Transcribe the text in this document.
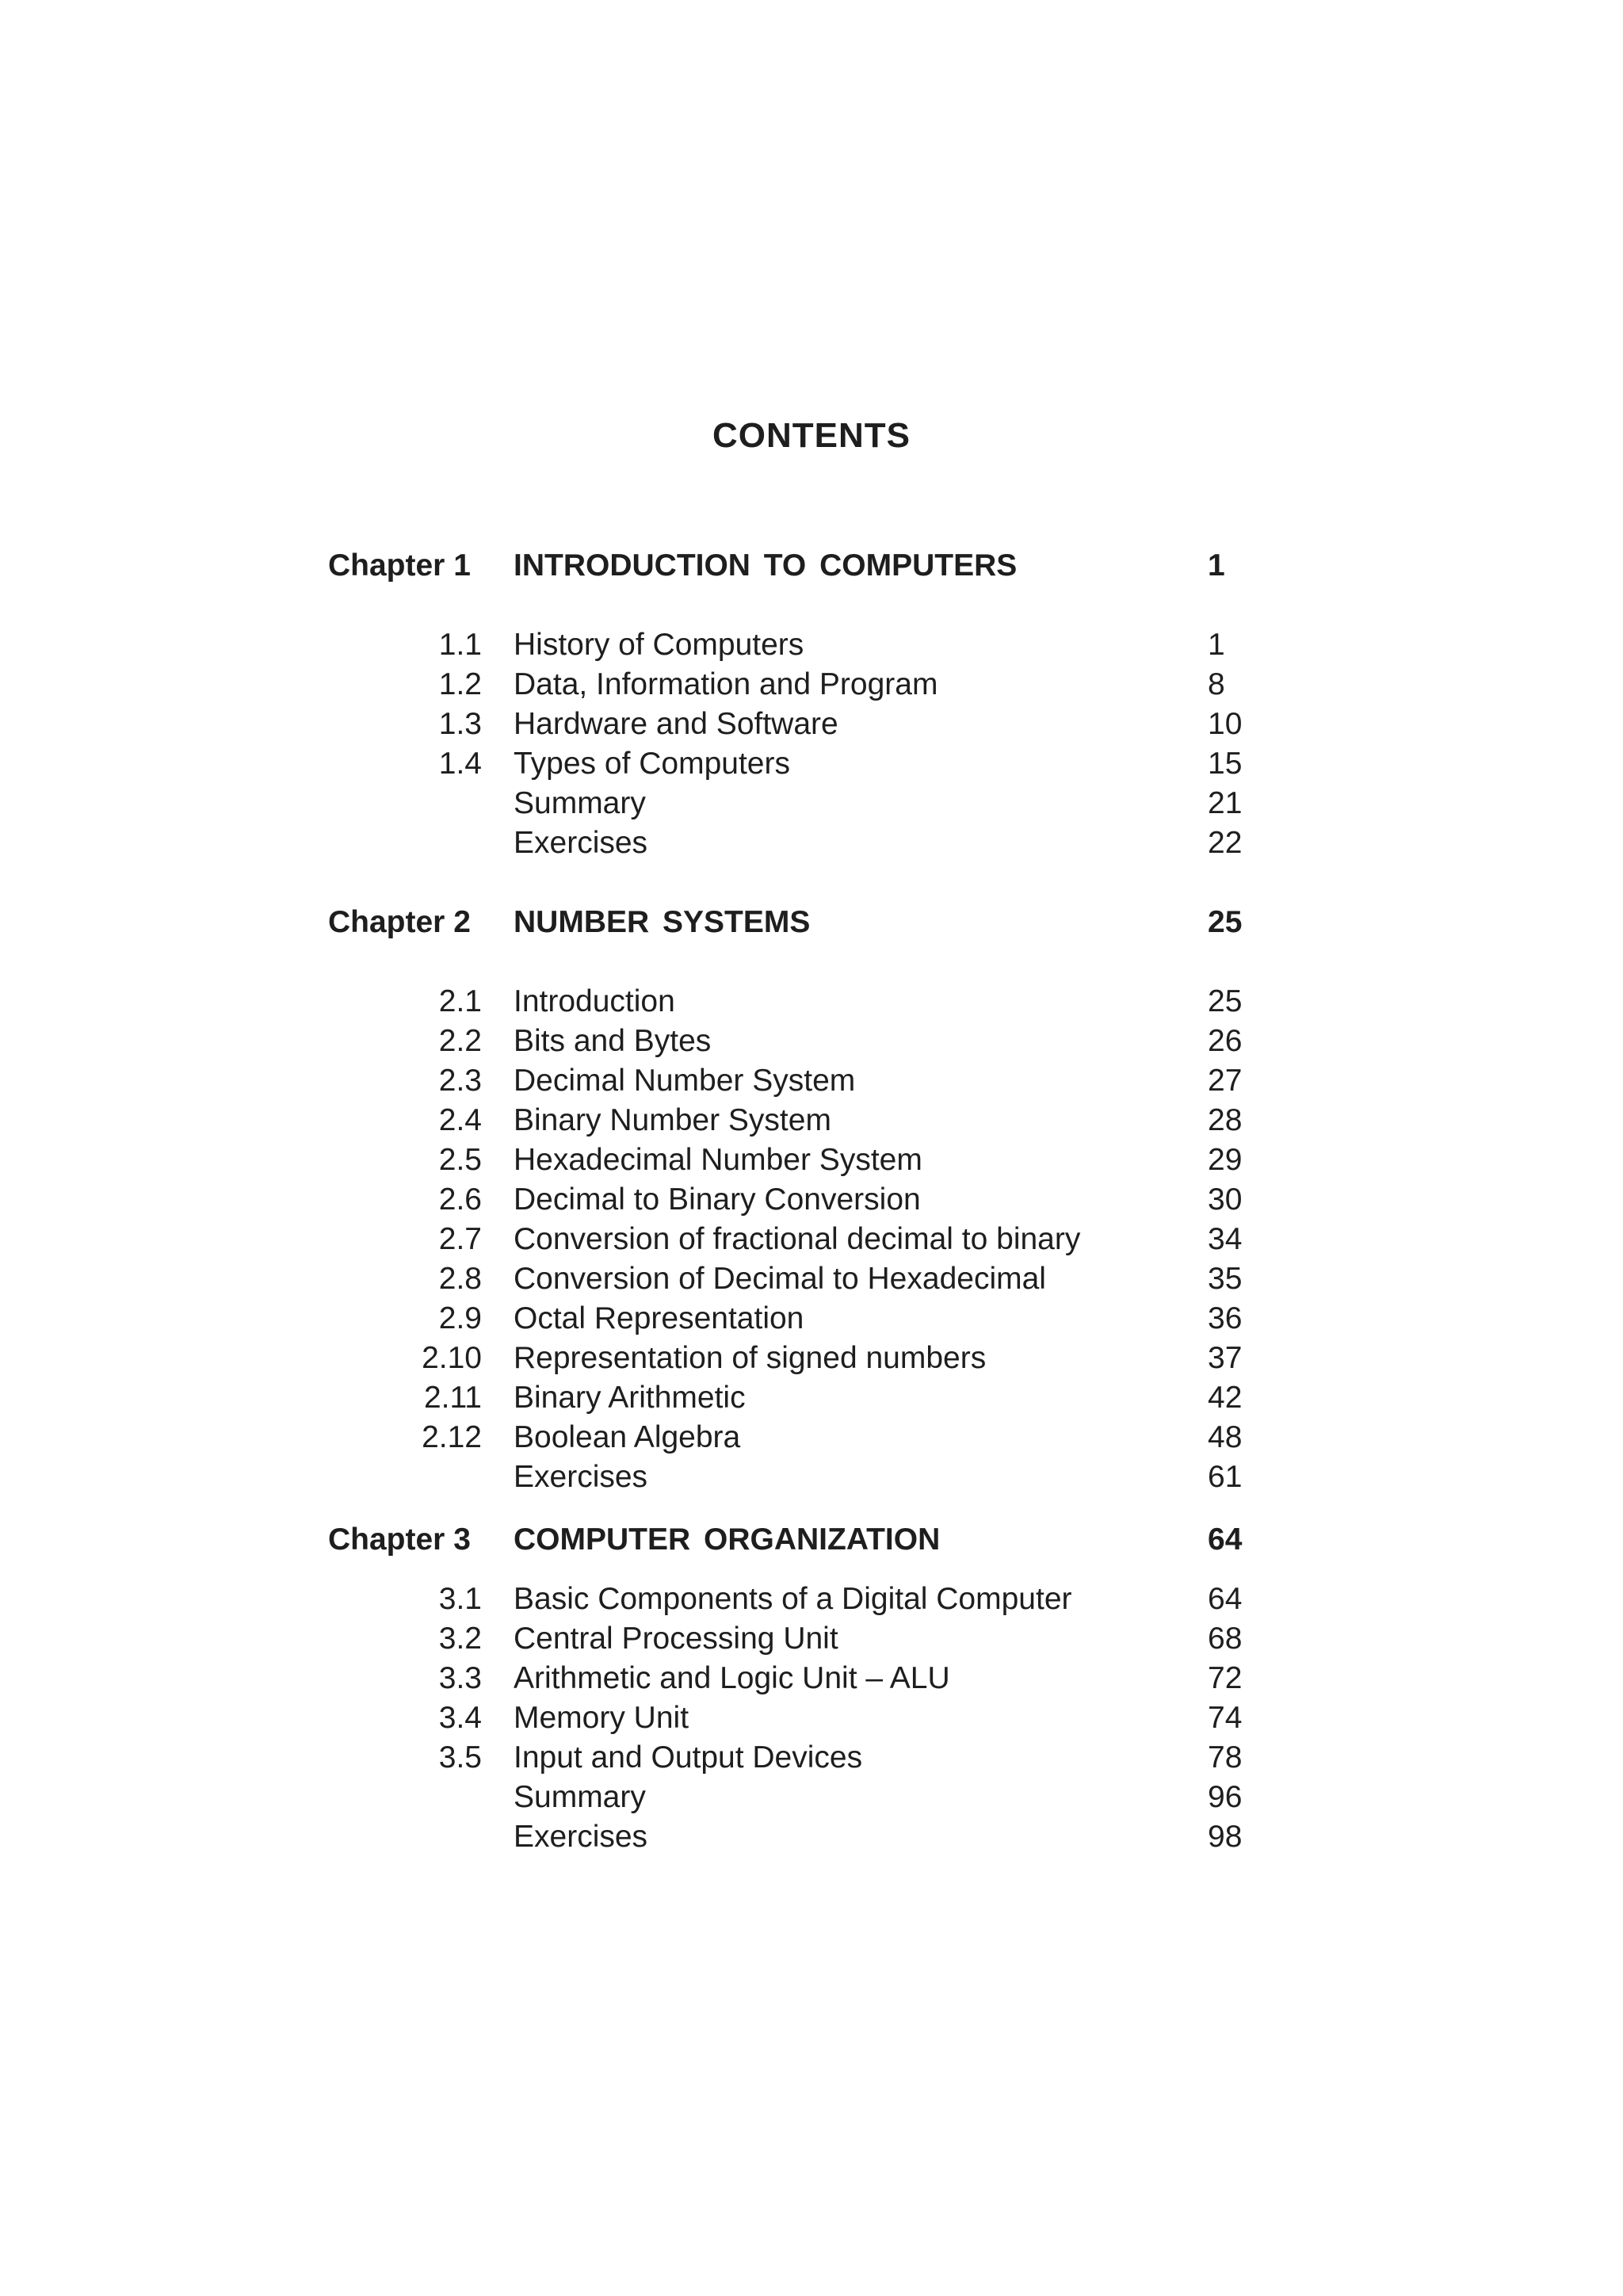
CONTENTS
Chapter 1 INTRODUCTION TO COMPUTERS	1
1.1 History of Computers	1
1.2 Data, Information and Program	8
1.3 Hardware and Software	10
1.4 Types of Computers	15
Summary	21
Exercises	22
Chapter 2 NUMBER SYSTEMS	25
2.1 Introduction	25
2.2 Bits and Bytes	26
2.3 Decimal Number System	27
2.4 Binary Number System	28
2.5 Hexadecimal Number System	29
2.6 Decimal to Binary Conversion	30
2.7 Conversion of fractional decimal to binary	34
2.8 Conversion of Decimal to Hexadecimal	35
2.9 Octal Representation	36
2.10 Representation of signed numbers	37
2.11 Binary Arithmetic	42
2.12 Boolean Algebra	48
Exercises	61
Chapter 3 COMPUTER ORGANIZATION	64
3.1 Basic Components of a Digital Computer	64
3.2 Central Processing Unit	68
3.3 Arithmetic and Logic Unit – ALU	72
3.4 Memory Unit	74
3.5 Input and Output Devices	78
Summary	96
Exercises	98
